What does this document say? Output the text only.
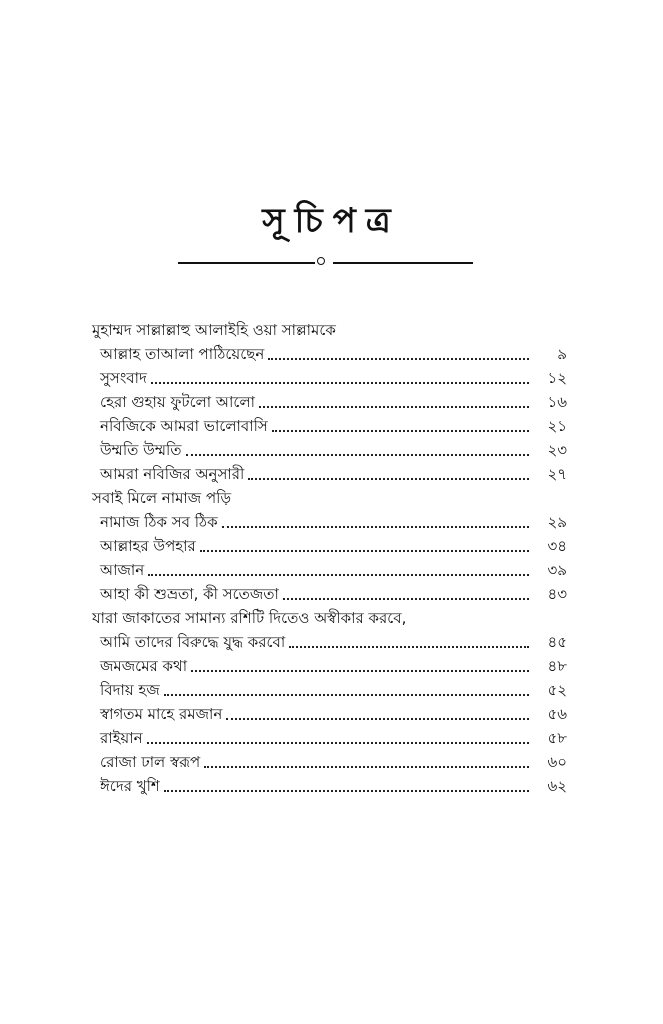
সূচিপত্র
মুহাম্মদ সাল্লাল্লাহু আলাইহি ওয়া সাল্লামকে
আল্লাহ তাআলা পাঠিয়েছেন	৯
সুসংবাদ	১২
হেরা গুহায় ফুটলো আলো	১৬
নবিজিকে আমরা ভালোবাসি	২১
উম্মতি উম্মতি	২৩
আমরা নবিজির অনুসারী	২৭
সবাই মিলে নামাজ পড়ি
নামাজ ঠিক সব ঠিক	২৯
আল্লাহর উপহার	৩৪
আজান	৩৯
আহা কী শুভ্রতা, কী সতেজতা	৪৩
যারা জাকাতের সামান্য রশিটি দিতেও অস্বীকার করবে,
আমি তাদের বিরুদ্ধে যুদ্ধ করবো	৪৫
জমজমের কথা	৪৮
বিদায় হজ	৫২
স্বাগতম মাহে রমজান	৫৬
রাইয়ান	৫৮
রোজা ঢাল স্বরূপ	৬০
ঈদের খুশি	৬২
